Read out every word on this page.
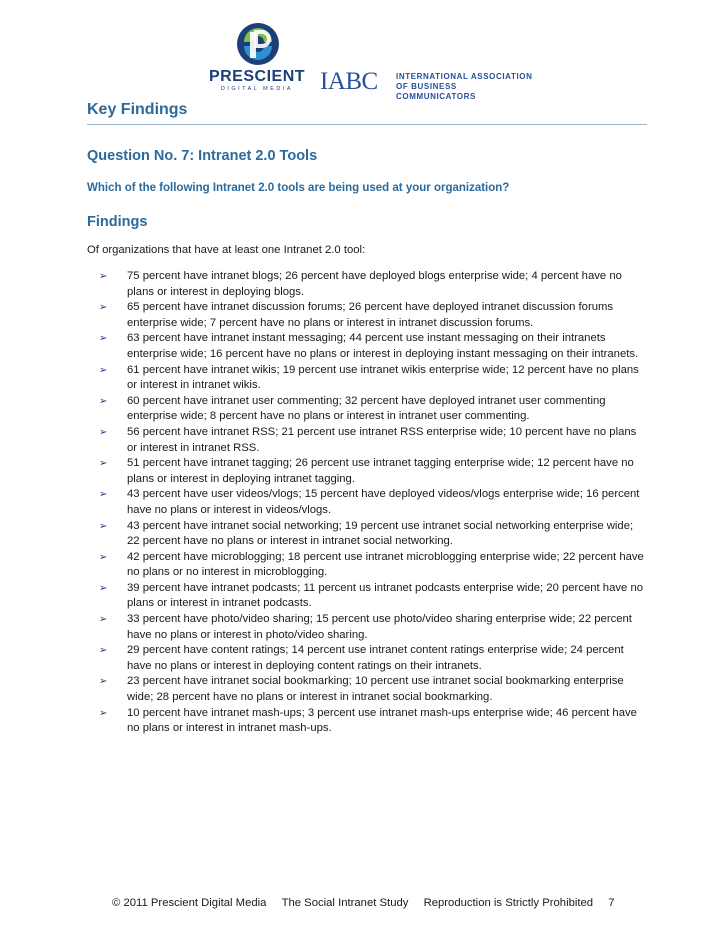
PRESCIENT
DIGITAL MEDIA	IABC INTERNATIONAL ASSOCIATION
OF BUSINESS COMMUNICATORS
Key Findings
Question No. 7: Intranet 2.0 Tools

Which of the following Intranet 2.0 tools are being used at your organization?

Findings

Of organizations that have at least one Intranet 2.0 tool:

➢ 75 percent have intranet blogs; 26 percent have deployed blogs enterprise wide; 4 percent have no plans or interest in deploying blogs.
➢ 65 percent have intranet discussion forums; 26 percent have deployed intranet discussion forums enterprise wide; 7 percent have no plans or interest in intranet discussion forums.
➢ 63 percent have intranet instant messaging; 44 percent use instant messaging on their intranets enterprise wide; 16 percent have no plans or interest in deploying instant messaging on their intranets.
➢ 61 percent have intranet wikis; 19 percent use intranet wikis enterprise wide; 12 percent have no plans or interest in intranet wikis.
➢ 60 percent have intranet user commenting; 32 percent have deployed intranet user commenting enterprise wide; 8 percent have no plans or interest in intranet user commenting.
➢ 56 percent have intranet RSS; 21 percent use intranet RSS enterprise wide; 10 percent have no plans or interest in intranet RSS.
➢ 51 percent have intranet tagging; 26 percent use intranet tagging enterprise wide; 12 percent have no plans or interest in deploying intranet tagging.
➢ 43 percent have user videos/vlogs; 15 percent have deployed videos/vlogs enterprise wide; 16 percent have no plans or interest in videos/vlogs.
➢ 43 percent have intranet social networking; 19 percent use intranet social networking enterprise wide; 22 percent have no plans or interest in intranet social networking.
➢ 42 percent have microblogging; 18 percent use intranet microblogging enterprise wide; 22 percent have no plans or no interest in microblogging.
➢ 39 percent have intranet podcasts; 11 percent us intranet podcasts enterprise wide; 20 percent have no plans or interest in intranet podcasts.
➢ 33 percent have photo/video sharing; 15 percent use photo/video sharing enterprise wide; 22 percent have no plans or interest in photo/video sharing.
➢ 29 percent have content ratings; 14 percent use intranet content ratings enterprise wide; 24 percent have no plans or interest in deploying content ratings on their intranets.
➢ 23 percent have intranet social bookmarking; 10 percent use intranet social bookmarking enterprise wide; 28 percent have no plans or interest in intranet social bookmarking.
➢ 10 percent have intranet mash-ups; 3 percent use intranet mash-ups enterprise wide; 46 percent have no plans or interest in intranet mash-ups.
© 2011 Prescient Digital Media The Social Intranet Study Reproduction is Strictly Prohibited 7
